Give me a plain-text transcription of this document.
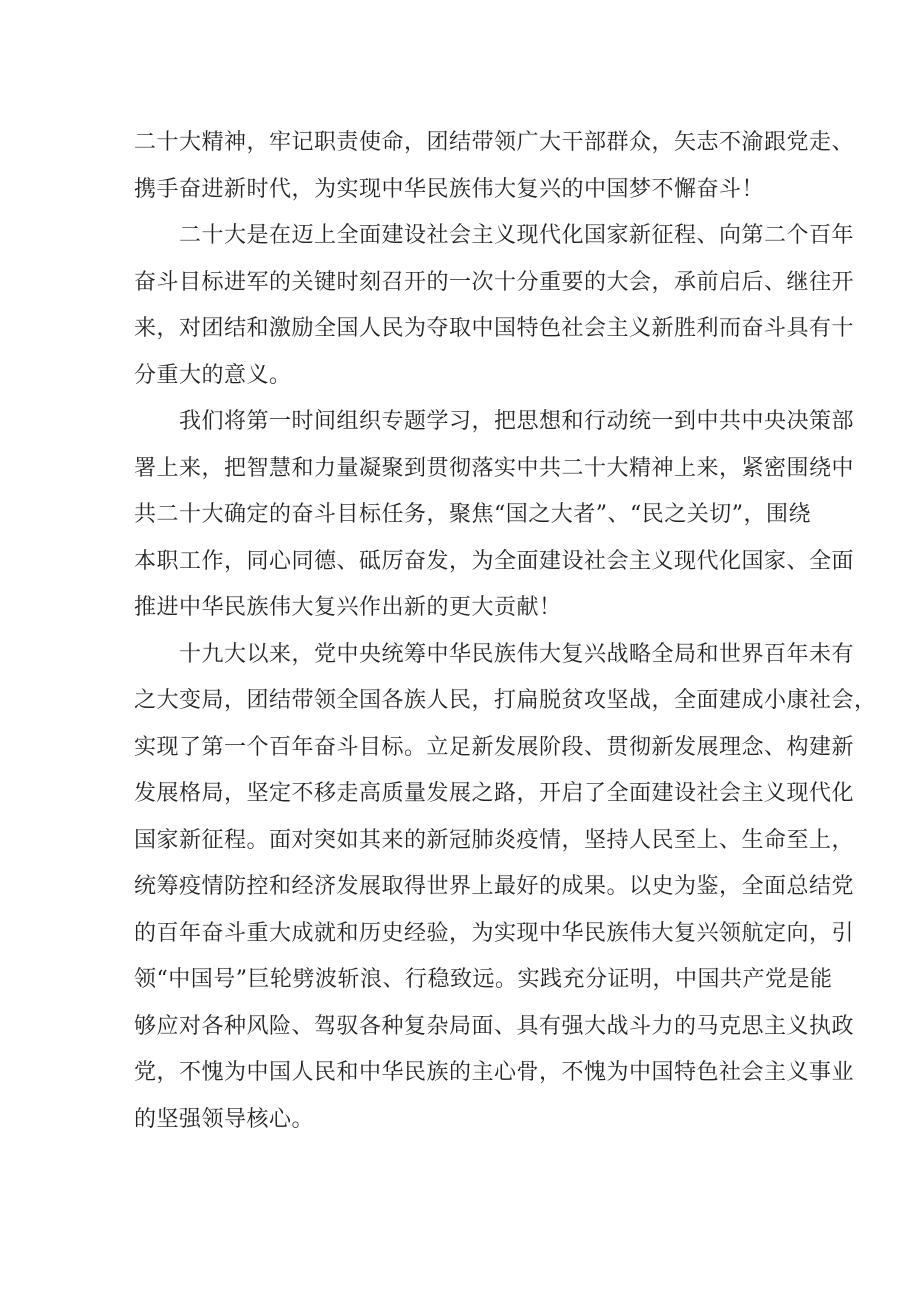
二十大精神，牢记职责使命，团结带领广大干部群众，矢志不渝跟党走、
携手奋进新时代，为实现中华民族伟大复兴的中国梦不懈奋斗！
　　二十大是在迈上全面建设社会主义现代化国家新征程、向第二个百年
奋斗目标进军的关键时刻召开的一次十分重要的大会，承前启后、继往开
来，对团结和激励全国人民为夺取中国特色社会主义新胜利而奋斗具有十
分重大的意义。
　　我们将第一时间组织专题学习，把思想和行动统一到中共中央决策部
署上来，把智慧和力量凝聚到贯彻落实中共二十大精神上来，紧密围绕中
共二十大确定的奋斗目标任务，聚焦“国之大者”、“民之关切”，围绕
本职工作，同心同德、砥厉奋发，为全面建设社会主义现代化国家、全面
推进中华民族伟大复兴作出新的更大贡献！
　　十九大以来，党中央统筹中华民族伟大复兴战略全局和世界百年未有
之大变局，团结带领全国各族人民，打扁脱贫攻坚战，全面建成小康社会，
实现了第一个百年奋斗目标。立足新发展阶段、贯彻新发展理念、构建新
发展格局，坚定不移走高质量发展之路，开启了全面建设社会主义现代化
国家新征程。面对突如其来的新冠肺炎疫情，坚持人民至上、生命至上，
统筹疫情防控和经济发展取得世界上最好的成果。以史为鉴，全面总结党
的百年奋斗重大成就和历史经验，为实现中华民族伟大复兴领航定向，引
领“中国号”巨轮劈波斩浪、行稳致远。实践充分证明，中国共产党是能
够应对各种风险、驾驭各种复杂局面、具有强大战斗力的马克思主义执政
党，不愧为中国人民和中华民族的主心骨，不愧为中国特色社会主义事业
的坚强领导核心。
